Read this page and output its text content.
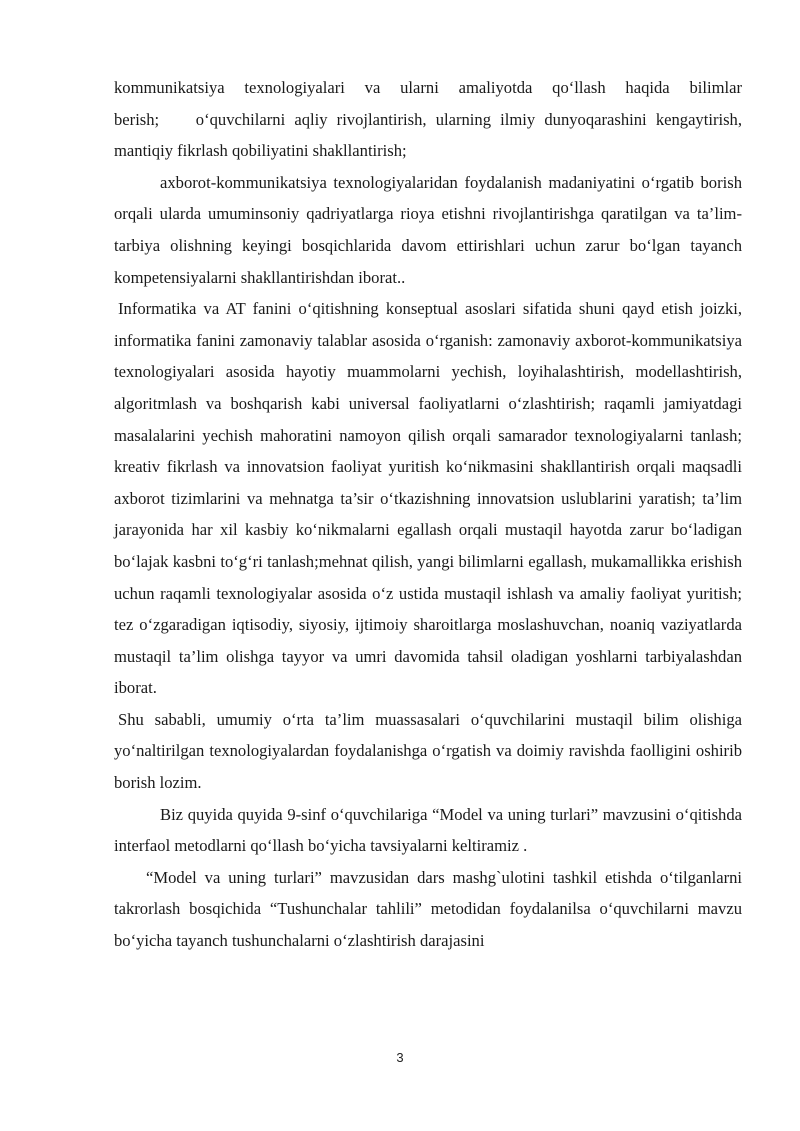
kommunikatsiya texnologiyalari va ularni amaliyotda qo‘llash haqida bilimlar berish;    o‘quvchilarni aqliy rivojlantirish, ularning ilmiy dunyoqarashini kengaytirish, mantiqiy fikrlash qobiliyatini shakllantirish;

axborot-kommunikatsiya texnologiyalaridan foydalanish madaniyatini o‘rgatib borish orqali ularda umuminsoniy qadriyatlarga rioya etishni rivojlantirishga qaratilgan va ta’lim-tarbiya olishning keyingi bosqichlarida davom ettirishlari uchun zarur bo‘lgan tayanch kompetensiyalarni shakllantirishdan iborat..

Informatika va AT fanini o‘qitishning konseptual asoslari sifatida shuni qayd etish joizki, informatika fanini zamonaviy talablar asosida o‘rganish: zamonaviy axborot-kommunikatsiya texnologiyalari asosida hayotiy muammolarni yechish, loyihalashtirish, modellashtirish, algoritmlash va boshqarish kabi universal faoliyatlarni o‘zlashtirish; raqamli jamiyatdagi masalalarini yechish mahoratini namoyon qilish orqali samarador texnologiyalarni tanlash; kreativ fikrlash va innovatsion faoliyat yuritish ko‘nikmasini shakllantirish orqali maqsadli axborot tizimlarini va mehnatga ta’sir o‘tkazishning innovatsion uslublarini yaratish; ta’lim jarayonida har xil kasbiy ko‘nikmalarni egallash orqali mustaqil hayotda zarur bo‘ladigan bo‘lajak kasbni to‘g‘ri tanlash;mehnat qilish, yangi bilimlarni egallash, mukamallikka erishish uchun raqamli texnologiyalar asosida o‘z ustida mustaqil ishlash va amaliy faoliyat yuritish; tez o‘zgaradigan iqtisodiy, siyosiy, ijtimoiy sharoitlarga moslashuvchan, noaniq vaziyatlarda mustaqil ta’lim olishga tayyor va umri davomida tahsil oladigan yoshlarni tarbiyalashdan iborat.

Shu sababli, umumiy o‘rta ta’lim muassasalari o‘quvchilarini mustaqil bilim olishiga yo‘naltirilgan texnologiyalardan foydalanishga o‘rgatish va doimiy ravishda faolligini oshirib borish lozim.

Biz quyida quyida 9-sinf o‘quvchilariga “Model va uning turlari” mavzusini o‘qitishda interfaol metodlarni qo‘llash bo‘yicha tavsiyalarni keltiramiz .

“Model va uning turlari” mavzusidan dars mashg`ulotini tashkil etishda o‘tilganlarni takrorlash bosqichida “Tushunchalar tahlili” metodidan foydalanilsa o‘quvchilarni mavzu bo‘yicha tayanch tushunchalarni o‘zlashtirish darajasini

3
